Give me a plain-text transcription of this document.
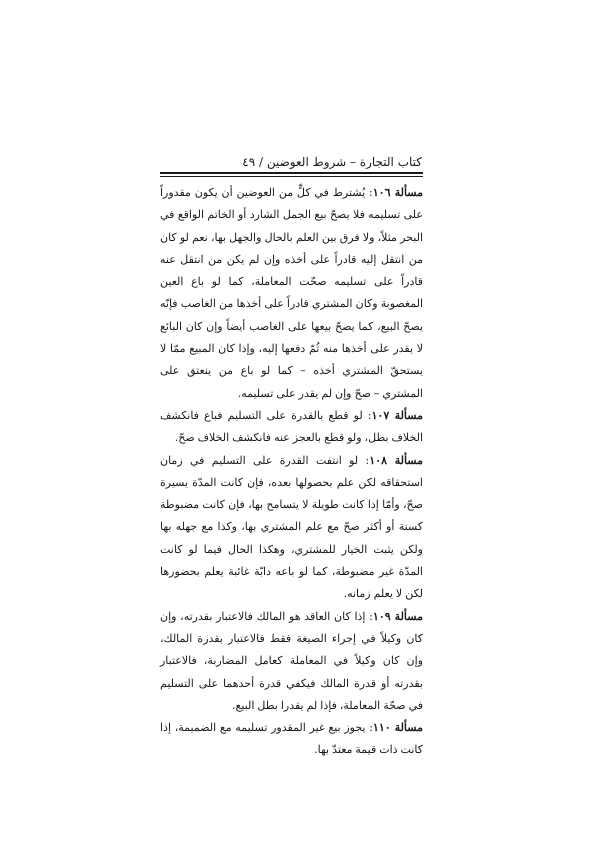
كتاب التجارة – شروط العوضين / ٤٩

مسألة ١٠٦: يُشترط في كلٍّ من العوضين أن يكون مقدوراً على تسليمه فلا يصحّ بيع الجمل الشارد أو الخاتم الواقع في البحر مثلاً، ولا فرق بين العلم بالحال والجهل بها، نعم لو كان من انتقل إليه قادراً على أخذه وإن لم يكن من انتقل عنه قادراً على تسليمه صحّت المعاملة، كما لو باع العين المغصوبة وكان المشتري قادراً على أخذها من الغاصب فإنّه يصحّ البيع، كما يصحّ بيعها على الغاصب أيضاً وإن كان البائع لا يقدر على أخذها منه ثُمّ دفعها إليه، وإذا كان المبيع ممّا لا يستحقّ المشتري أخذه – كما لو باع من ينعتق على المشتري – صحّ وإن لم يقدر على تسليمه.

مسألة ١٠٧: لو قطع بالقدرة على التسليم فباع فانكشف الخلاف بطل، ولو قطع بالعجز عنه فانكشف الخلاف صحّ.

مسألة ١٠٨: لو انتفت القدرة على التسليم في زمان استحقاقه لكن علم بحصولها بعده، فإن كانت المدّة يسيرة صحّ، وأمّا إذا كانت طويلة لا يتسامح بها، فإن كانت مضبوطة كسنة أو أكثر صحّ مع علم المشتري بها، وكذا مع جهله بها ولكن يثبت الخيار للمشتري، وهكذا الحال فيما لو كانت المدّة غير مضبوطة، كما لو باعه دابّة غائبة يعلم بحضورها لكن لا يعلم زمانه.

مسألة ١٠٩: إذا كان العاقد هو المالك فالاعتبار بقدرته، وإن كان وكيلاً في إجراء الصيغة فقط فالاعتبار بقدرة المالك، وإن كان وكيلاً في المعاملة كعامل المضاربة، فالاعتبار بقدرته أو قدرة المالك فيكفي قدرة أحدهما على التسليم في صحّة المعاملة، فإذا لم يقدرا بطل البيع.

مسألة ١١٠: يجوز بيع غير المقدور تسليمه مع الضميمة، إذا كانت ذات قيمة معتدّ بها.
